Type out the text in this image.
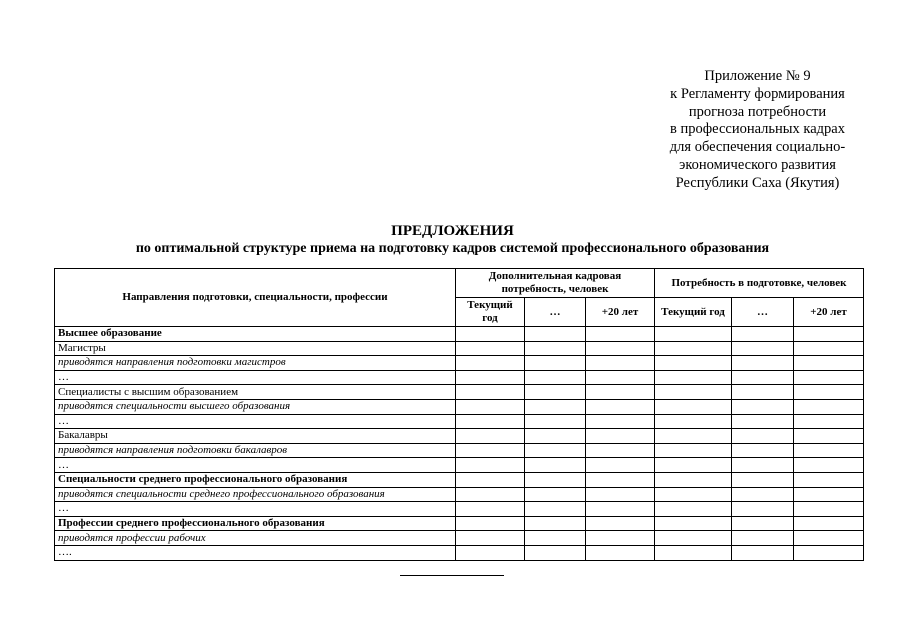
Приложение № 9
к Регламенту формирования
прогноза потребности
в профессиональных кадрах
для обеспечения социально-
экономического развития
Республики Саха (Якутия)
ПРЕДЛОЖЕНИЯ
по оптимальной структуре приема на подготовку кадров системой профессионального образования
Направления подготовки, специальности, профессии	Дополнительная кадровая потребность, человек			Потребность в подготовке, человек		
	Текущий год	…	+20 лет	Текущий год	…	+20 лет
Высшее образование						
Магистры						
приводятся направления подготовки магистров						
…						
Специалисты с высшим образованием						
приводятся специальности высшего образования						
…						
Бакалавры						
приводятся направления подготовки бакалавров						
…						
Специальности среднего профессионального образования						
приводятся специальности среднего профессионального образования						
…						
Профессии среднего профессионального образования						
приводятся профессии рабочих						
….						
